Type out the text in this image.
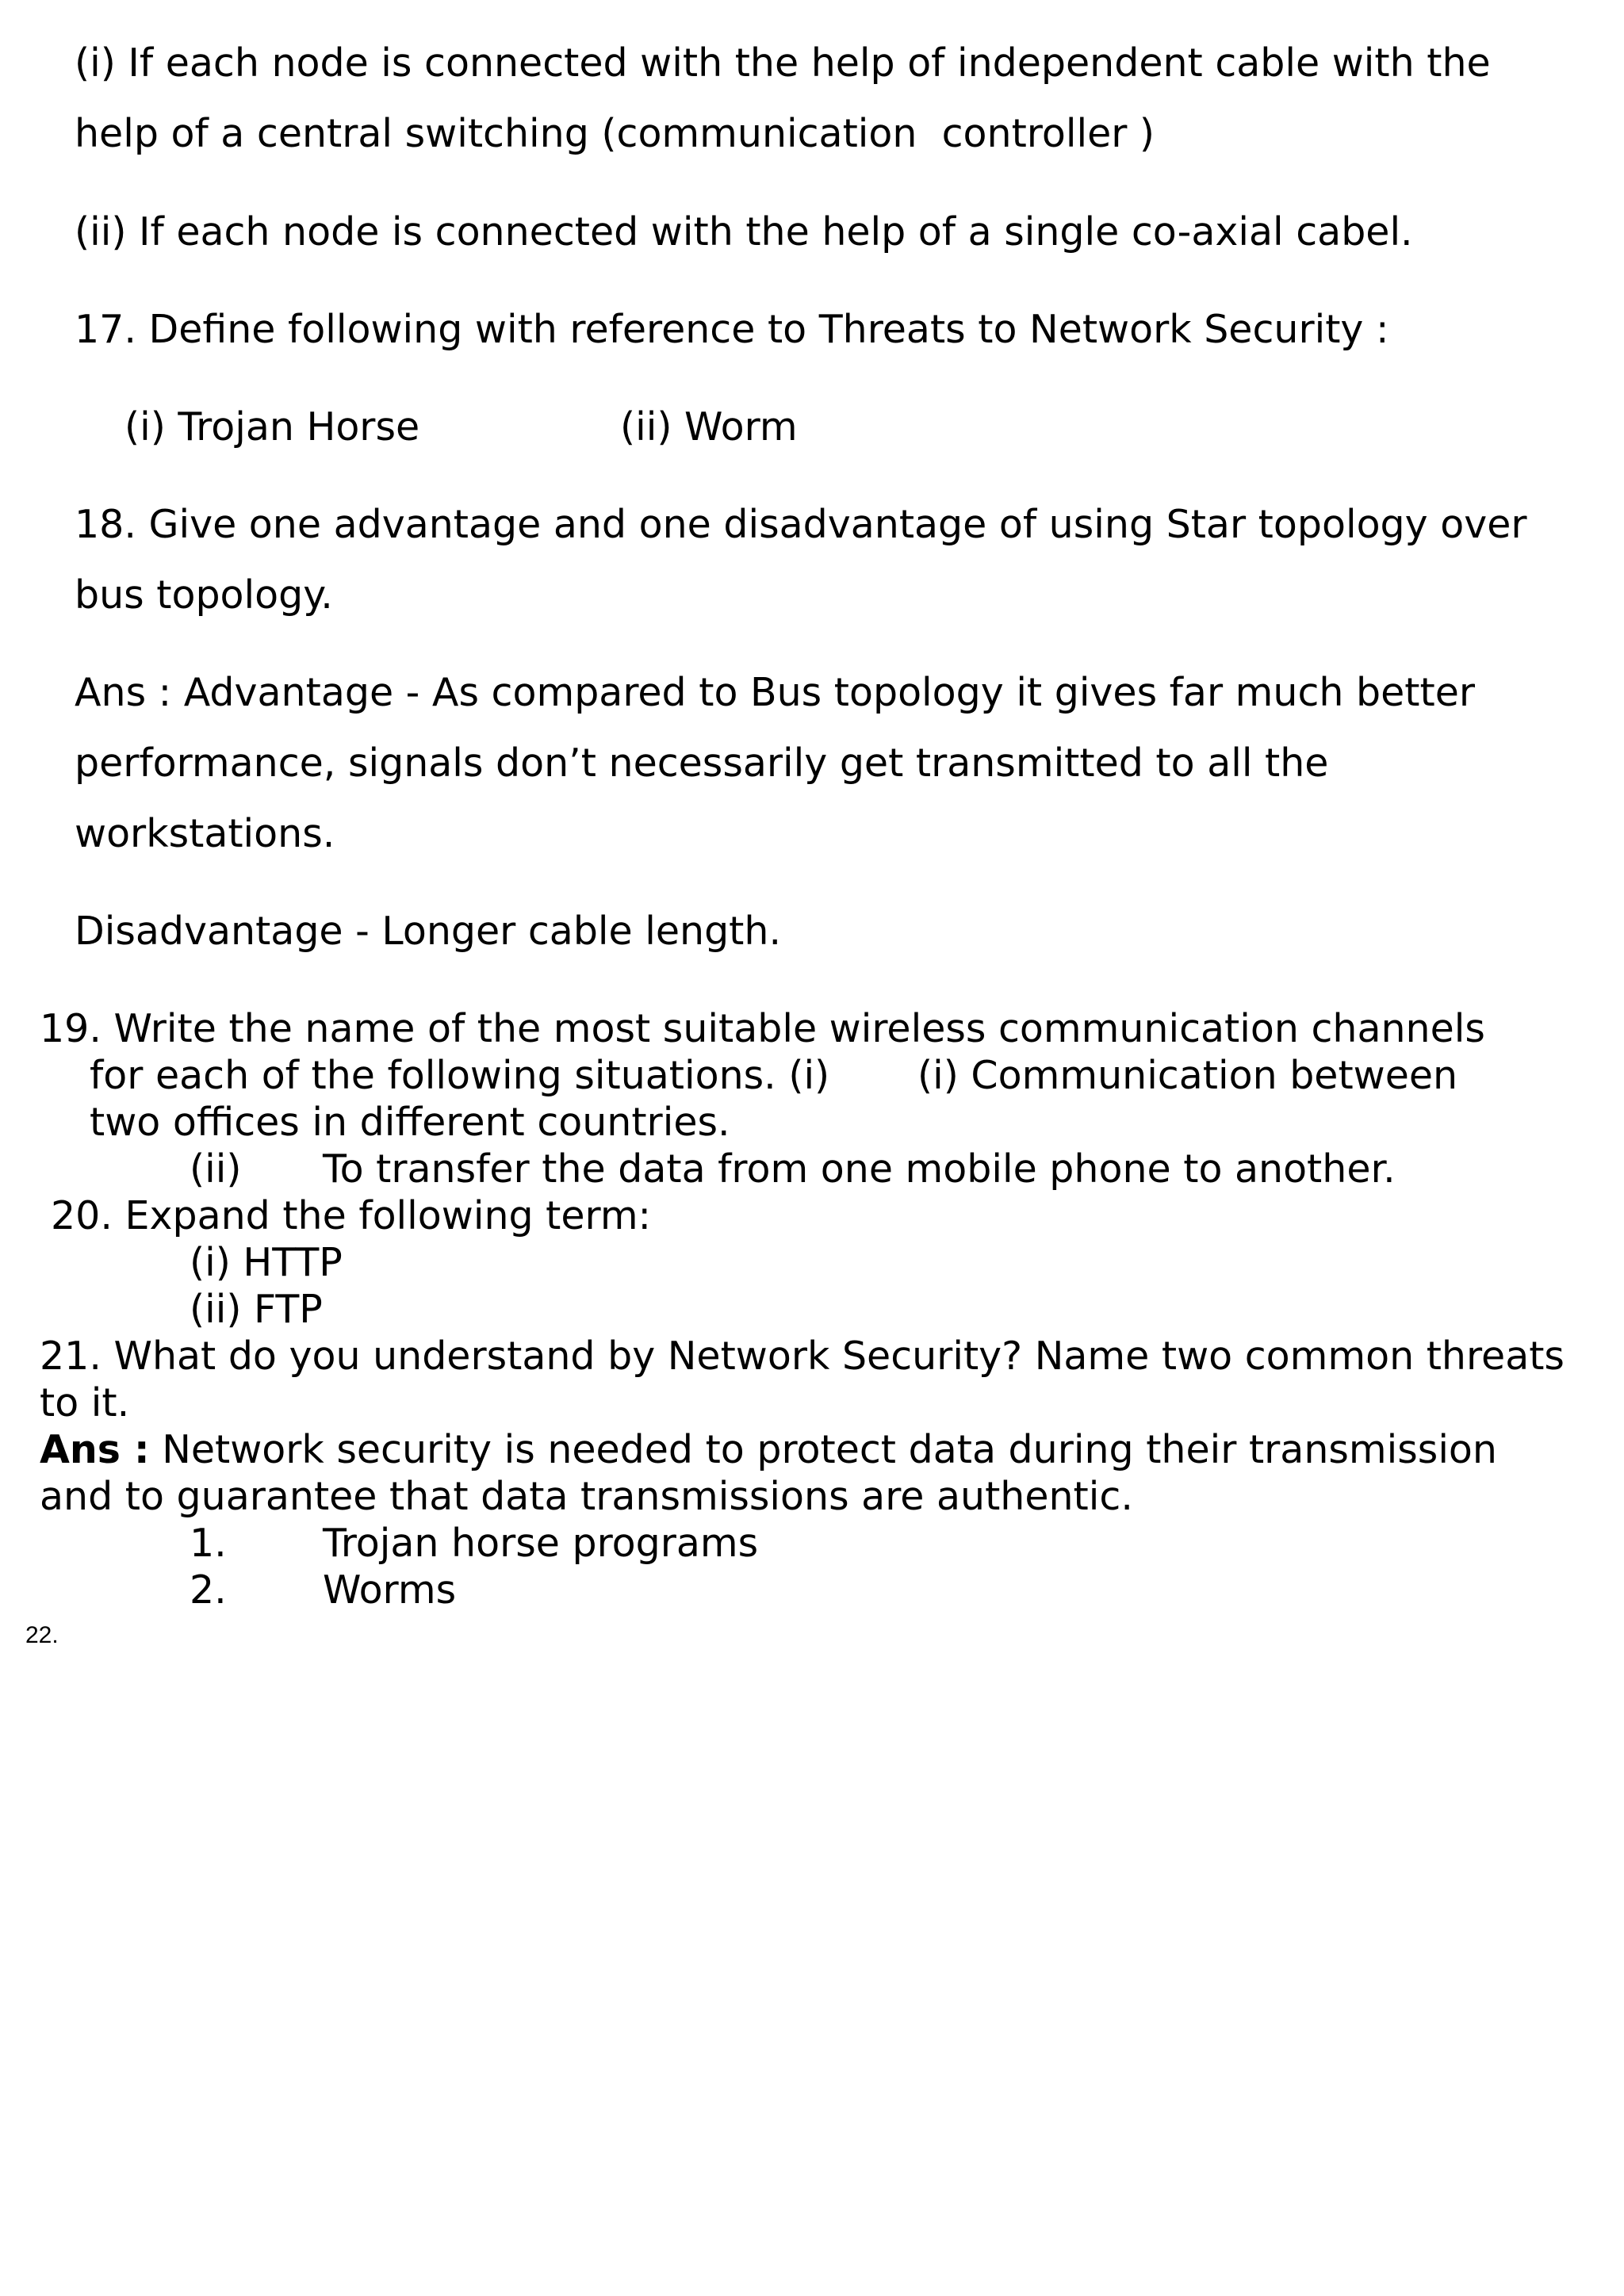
(i) If each node is connected with the help of independent cable with the
help of a central switching (communication  controller )
(ii) If each node is connected with the help of a single co-axial cabel.
17. Define following with reference to Threats to Network Security :
(i) Trojan Horse	(ii) Worm
18. Give one advantage and one disadvantage of using Star topology over
bus topology.
Ans : Advantage - As compared to Bus topology it gives far much better
performance, signals don’t necessarily get transmitted to all the
workstations.
Disadvantage - Longer cable length.
19. Write the name of the most suitable wireless communication channels
for each of the following situations. (i) (i) Communication between
two offices in different countries.
(ii) To transfer the data from one mobile phone to another.
20. Expand the following term:
(i) HTTP
(ii) FTP
21. What do you understand by Network Security? Name two common threats
to it.
Ans : Network security is needed to protect data during their transmission
and to guarantee that data transmissions are authentic.
1. Trojan horse programs
2. Worms
22.
